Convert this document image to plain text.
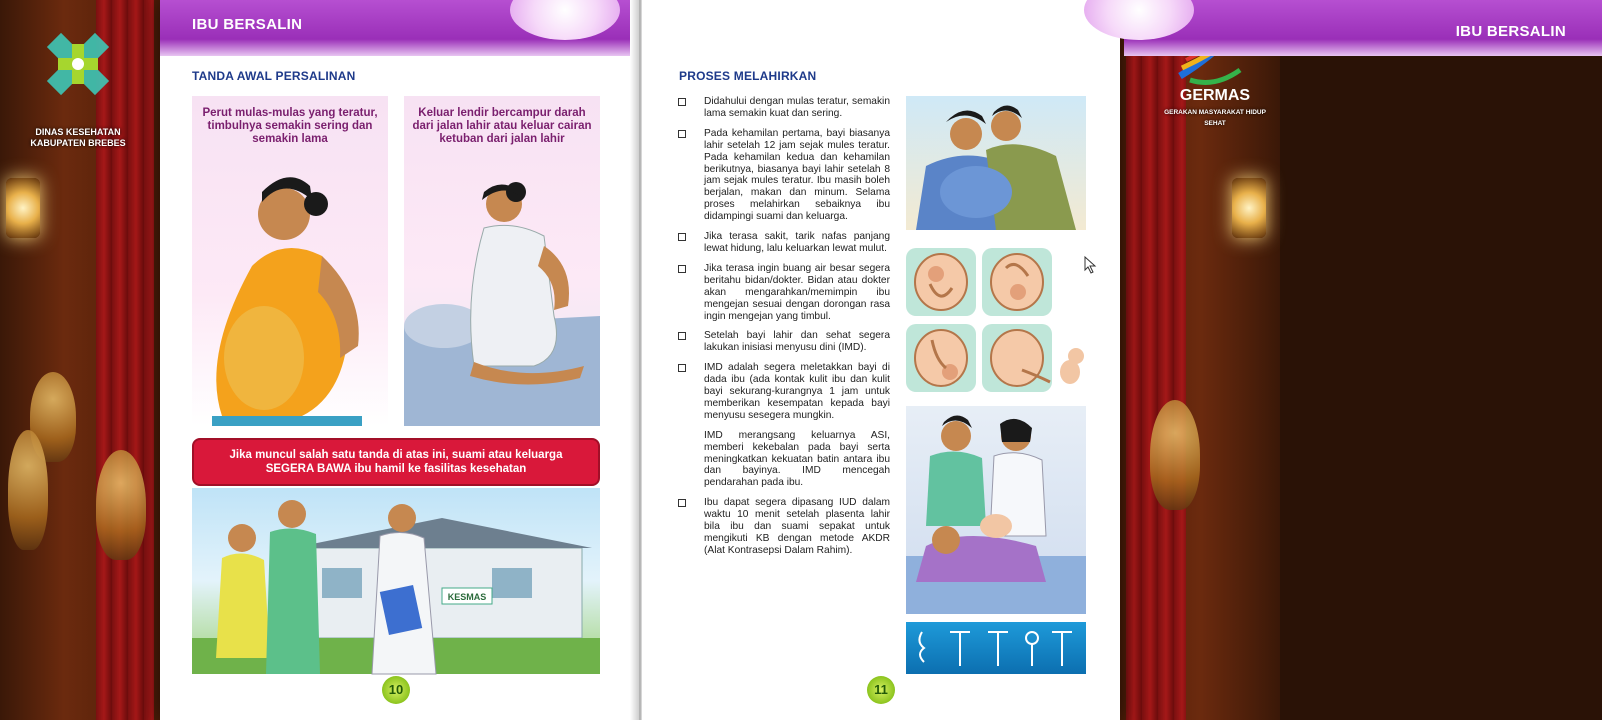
DINAS KESEHATAN
KABUPATEN BREBES
GERMAS
GERAKAN MASYARAKAT HIDUP SEHAT
IBU BERSALIN
TANDA AWAL PERSALINAN
Perut mulas-mulas yang teratur, timbulnya semakin sering dan semakin lama
Keluar lendir bercampur darah dari jalan lahir atau keluar cairan ketuban dari jalan lahir
Jika muncul salah satu tanda di atas ini, suami atau keluarga
SEGERA BAWA ibu hamil ke fasilitas kesehatan
KESMAS
10
IBU BERSALIN
PROSES MELAHIRKAN
Didahului dengan mulas teratur, semakin lama semakin kuat dan sering.
Pada kehamilan pertama, bayi biasanya lahir setelah 12 jam sejak mules teratur. Pada kehamilan kedua dan kehamilan berikutnya, biasanya bayi lahir setelah 8 jam sejak mules teratur. Ibu masih boleh berjalan, makan dan minum. Selama proses melahirkan sebaiknya ibu didampingi suami dan keluarga.
Jika terasa sakit, tarik nafas panjang lewat hidung, lalu keluarkan lewat mulut.
Jika terasa ingin buang air besar segera beritahu bidan/dokter. Bidan atau dokter akan mengarahkan/memimpin ibu mengejan sesuai dengan dorongan rasa ingin mengejan yang timbul.
Setelah bayi lahir dan sehat segera lakukan inisiasi menyusu dini (IMD).
IMD adalah segera meletakkan bayi di dada ibu (ada kontak kulit ibu dan kulit bayi sekurang-kurangnya 1 jam untuk memberikan kesempatan kepada bayi menyusu sesegera mungkin.
IMD merangsang keluarnya ASI, memberi kekebalan pada bayi serta meningkatkan kekuatan batin antara ibu dan bayinya. IMD mencegah pendarahan pada ibu.
Ibu dapat segera dipasang IUD dalam waktu 10 menit setelah plasenta lahir bila ibu dan suami sepakat untuk mengikuti KB dengan metode AKDR (Alat Kontrasepsi Dalam Rahim).
11
